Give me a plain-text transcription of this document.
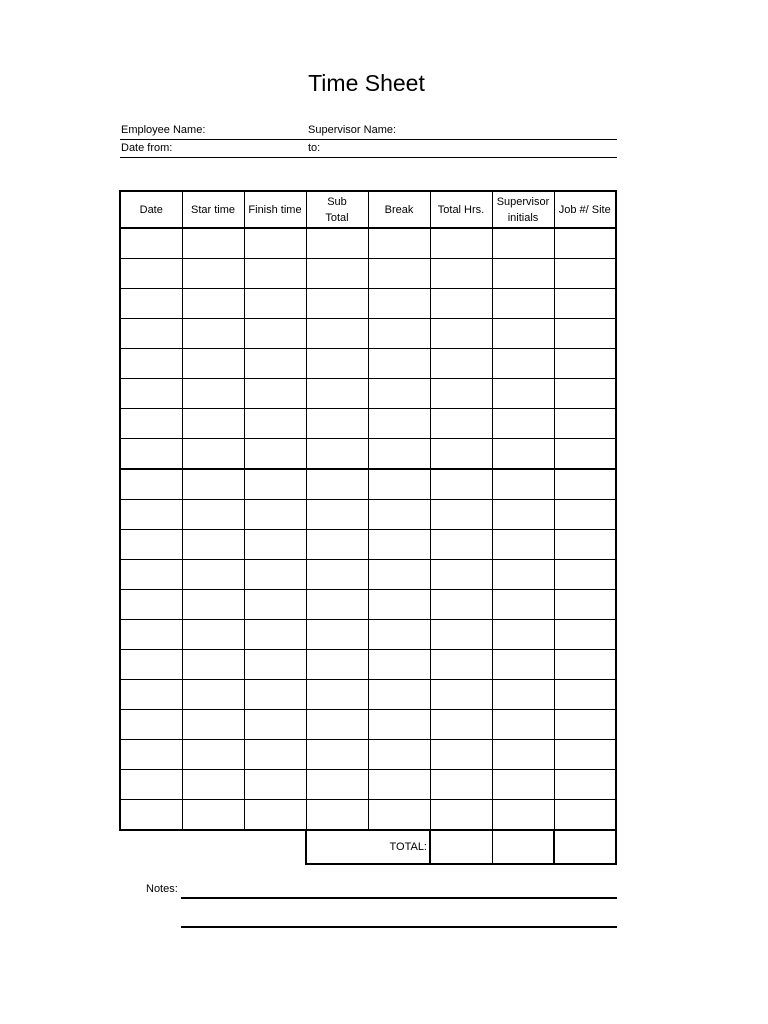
Time Sheet
Employee Name:	Supervisor Name:
Date from:	to:
Date	Star time	Finish time	Sub Total	Break	Total Hrs.	Supervisor initials	Job #/ Site

TOTAL:			
Notes:
